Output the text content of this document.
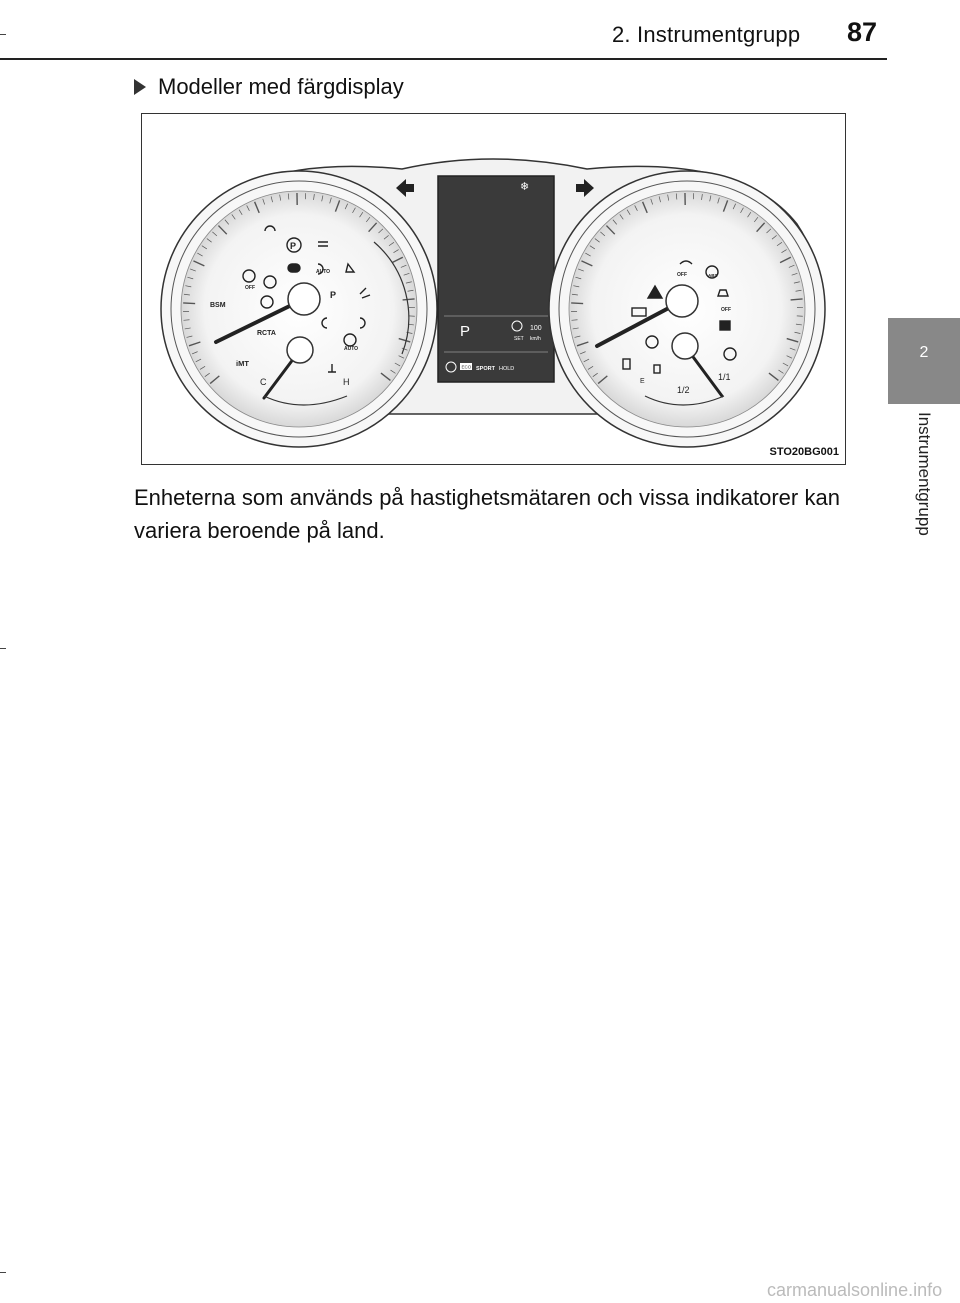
2. Instrumentgrupp 87
2
Instrumentgrupp
Modeller med färgdisplay
BSM
RCTA
iMT
OFF
AUTO
AUTO
C	H
P
P
❄
P	100
SET km/h
ECO SPORT HOLD
OFF
OFF
ABS
E
1/2
1/1
STO20BG001
Enheterna som används på hastighetsmätaren och vissa indikatorer kan variera beroende på land.
carmanualsonline.info
